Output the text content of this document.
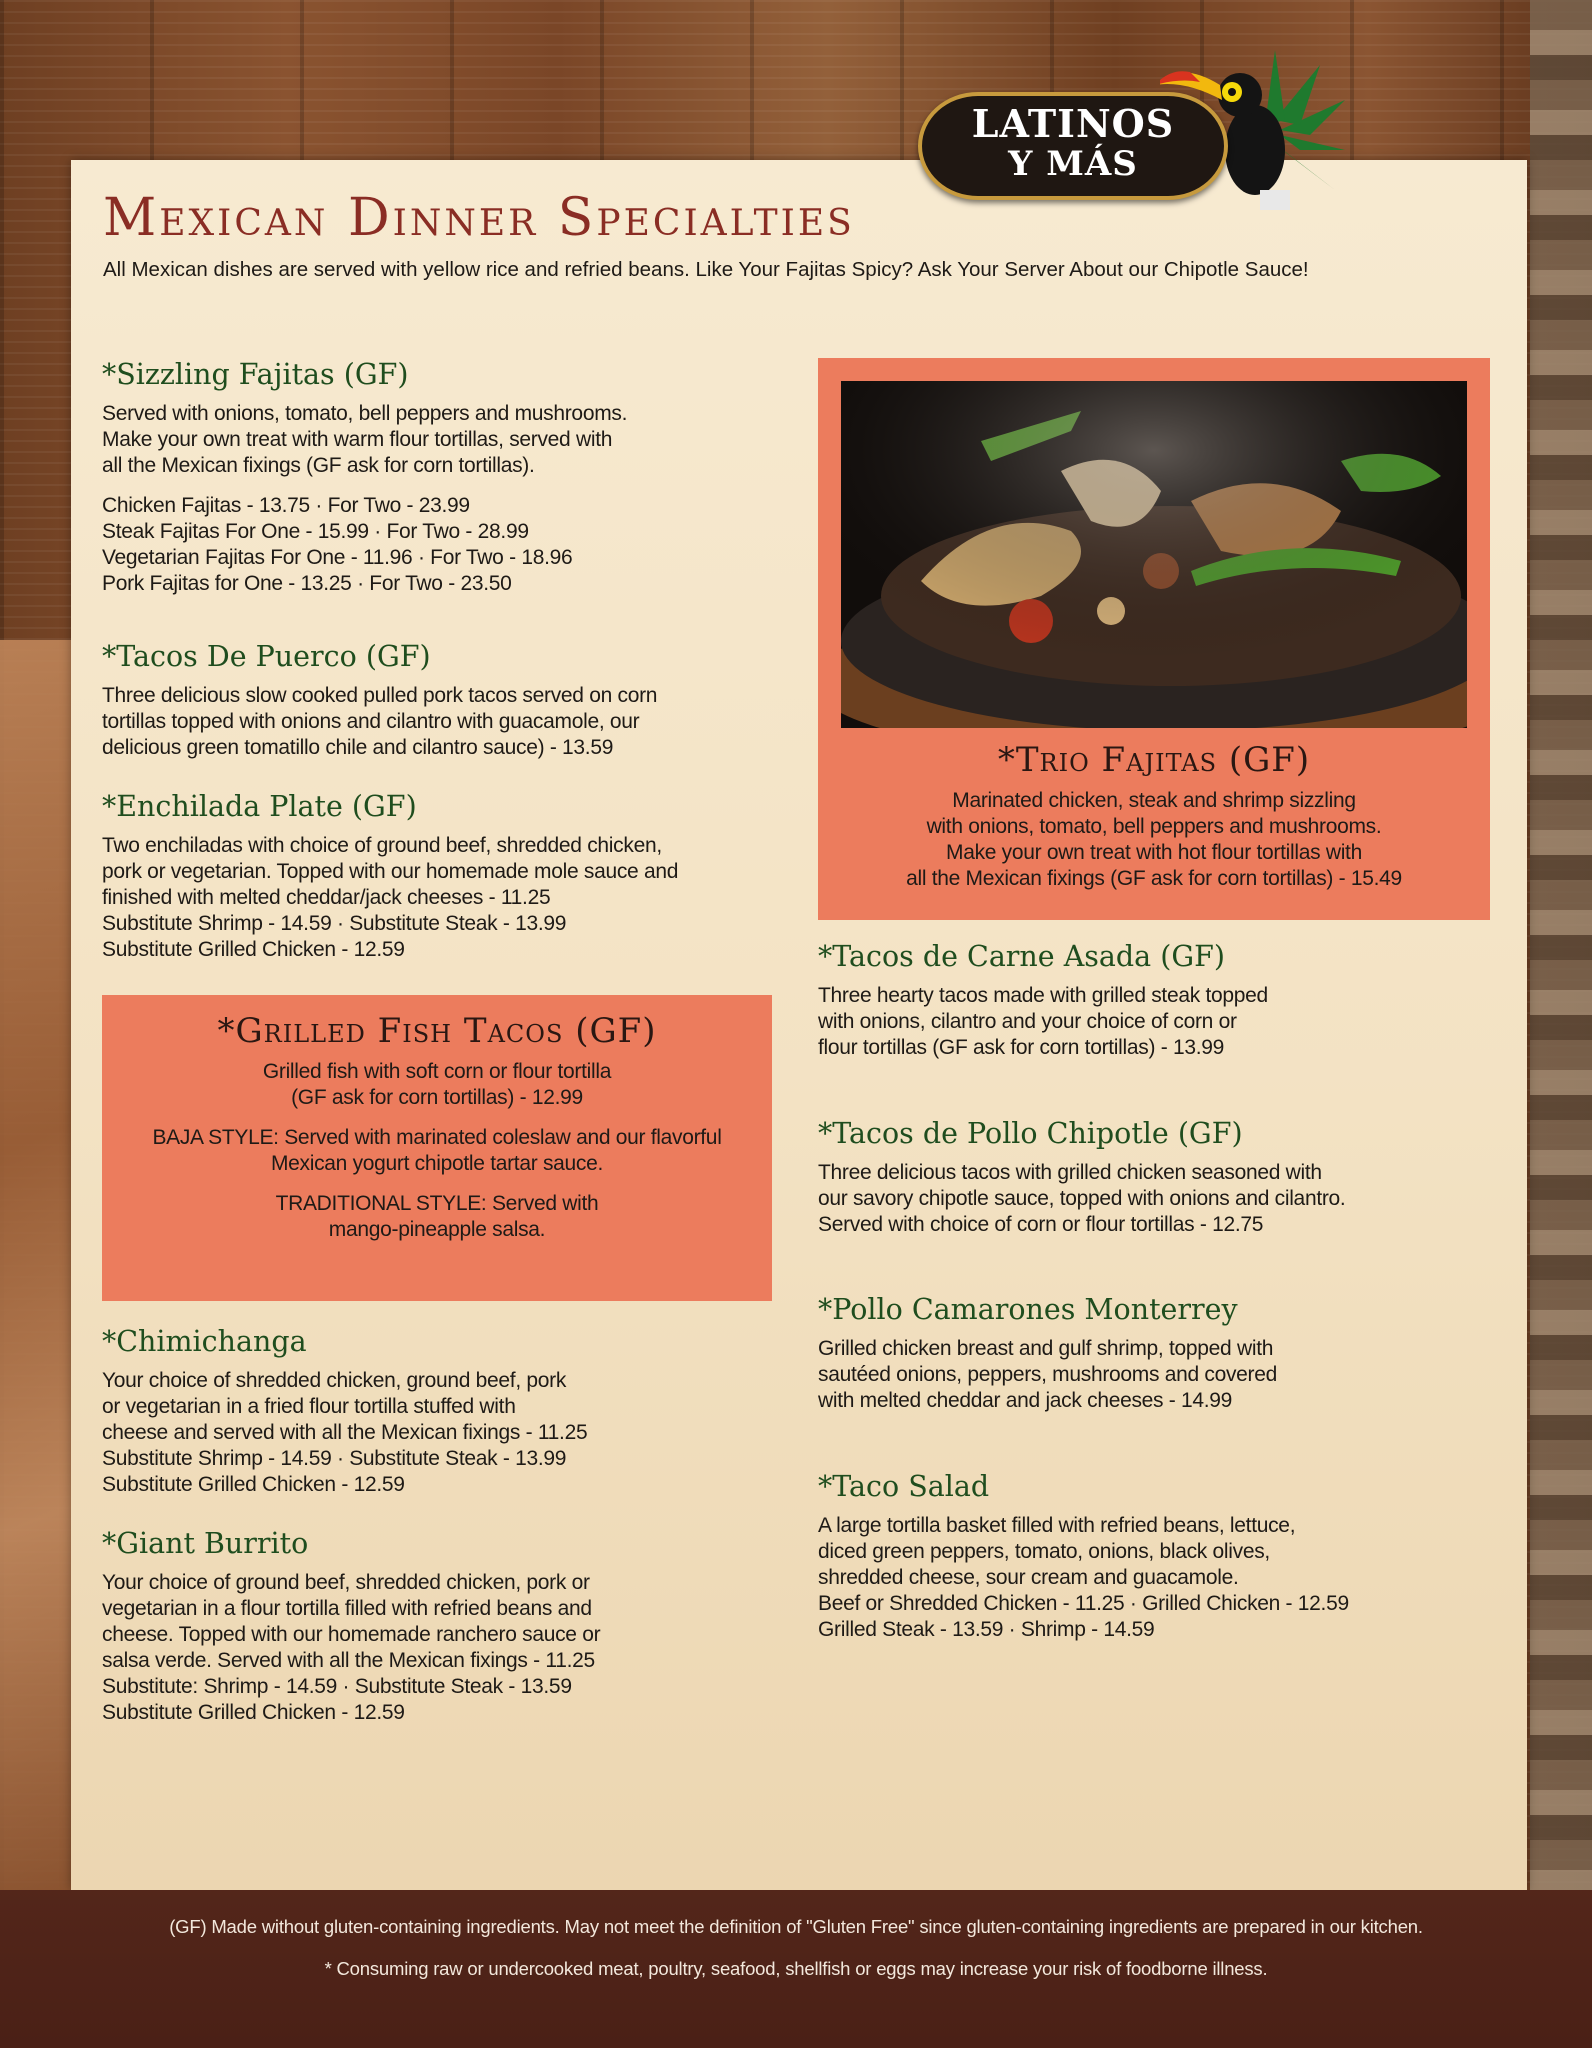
LATINOS
Y MÁS
Mexican Dinner Specialties

All Mexican dishes are served with yellow rice and refried beans. Like Your Fajitas Spicy? Ask Your Server About our Chipotle Sauce!

*Sizzling Fajitas (GF)

Served with onions, tomato, bell peppers and mushrooms.

Make your own treat with warm flour tortillas, served with

all the Mexican fixings (GF ask for corn tortillas).

Chicken Fajitas - 13.75 · For Two - 23.99

Steak Fajitas For One - 15.99 · For Two - 28.99

Vegetarian Fajitas For One - 11.96 · For Two - 18.96

Pork Fajitas for One - 13.25 · For Two - 23.50

*Tacos De Puerco (GF)

Three delicious slow cooked pulled pork tacos served on corn

tortillas topped with onions and cilantro with guacamole, our

delicious green tomatillo chile and cilantro sauce) - 13.59

*Enchilada Plate (GF)

Two enchiladas with choice of ground beef, shredded chicken,

pork or vegetarian. Topped with our homemade mole sauce and

finished with melted cheddar/jack cheeses - 11.25

Substitute Shrimp - 14.59 · Substitute Steak - 13.99

Substitute Grilled Chicken - 12.59

*Grilled Fish Tacos (GF)

Grilled fish with soft corn or flour tortilla

(GF ask for corn tortillas) - 12.99

BAJA STYLE: Served with marinated coleslaw and our flavorful

Mexican yogurt chipotle tartar sauce.

TRADITIONAL STYLE: Served with

mango-pineapple salsa.

*Chimichanga

Your choice of shredded chicken, ground beef, pork

or vegetarian in a fried flour tortilla stuffed with

cheese and served with all the Mexican fixings - 11.25

Substitute Shrimp - 14.59 · Substitute Steak - 13.99

Substitute Grilled Chicken - 12.59

*Giant Burrito

Your choice of ground beef, shredded chicken, pork or

vegetarian in a flour tortilla filled with refried beans and

cheese. Topped with our homemade ranchero sauce or

salsa verde. Served with all the Mexican fixings - 11.25

Substitute: Shrimp - 14.59 · Substitute Steak - 13.59

Substitute Grilled Chicken - 12.59

*Trio Fajitas (GF)

Marinated chicken, steak and shrimp sizzling

with onions, tomato, bell peppers and mushrooms.

Make your own treat with hot flour tortillas with

all the Mexican fixings (GF ask for corn tortillas) - 15.49

*Tacos de Carne Asada (GF)

Three hearty tacos made with grilled steak topped

with onions, cilantro and your choice of corn or

flour tortillas (GF ask for corn tortillas) - 13.99

*Tacos de Pollo Chipotle (GF)

Three delicious tacos with grilled chicken seasoned with

our savory chipotle sauce, topped with onions and cilantro.

Served with choice of corn or flour tortillas - 12.75

*Pollo Camarones Monterrey

Grilled chicken breast and gulf shrimp, topped with

sautéed onions, peppers, mushrooms and covered

with melted cheddar and jack cheeses - 14.99

*Taco Salad

A large tortilla basket filled with refried beans, lettuce,

diced green peppers, tomato, onions, black olives,

shredded cheese, sour cream and guacamole.

Beef or Shredded Chicken - 11.25 · Grilled Chicken - 12.59

Grilled Steak - 13.59 · Shrimp - 14.59

(GF) Made without gluten-containing ingredients. May not meet the definition of "Gluten Free" since gluten-containing ingredients are prepared in our kitchen.

* Consuming raw or undercooked meat, poultry, seafood, shellfish or eggs may increase your risk of foodborne illness.
